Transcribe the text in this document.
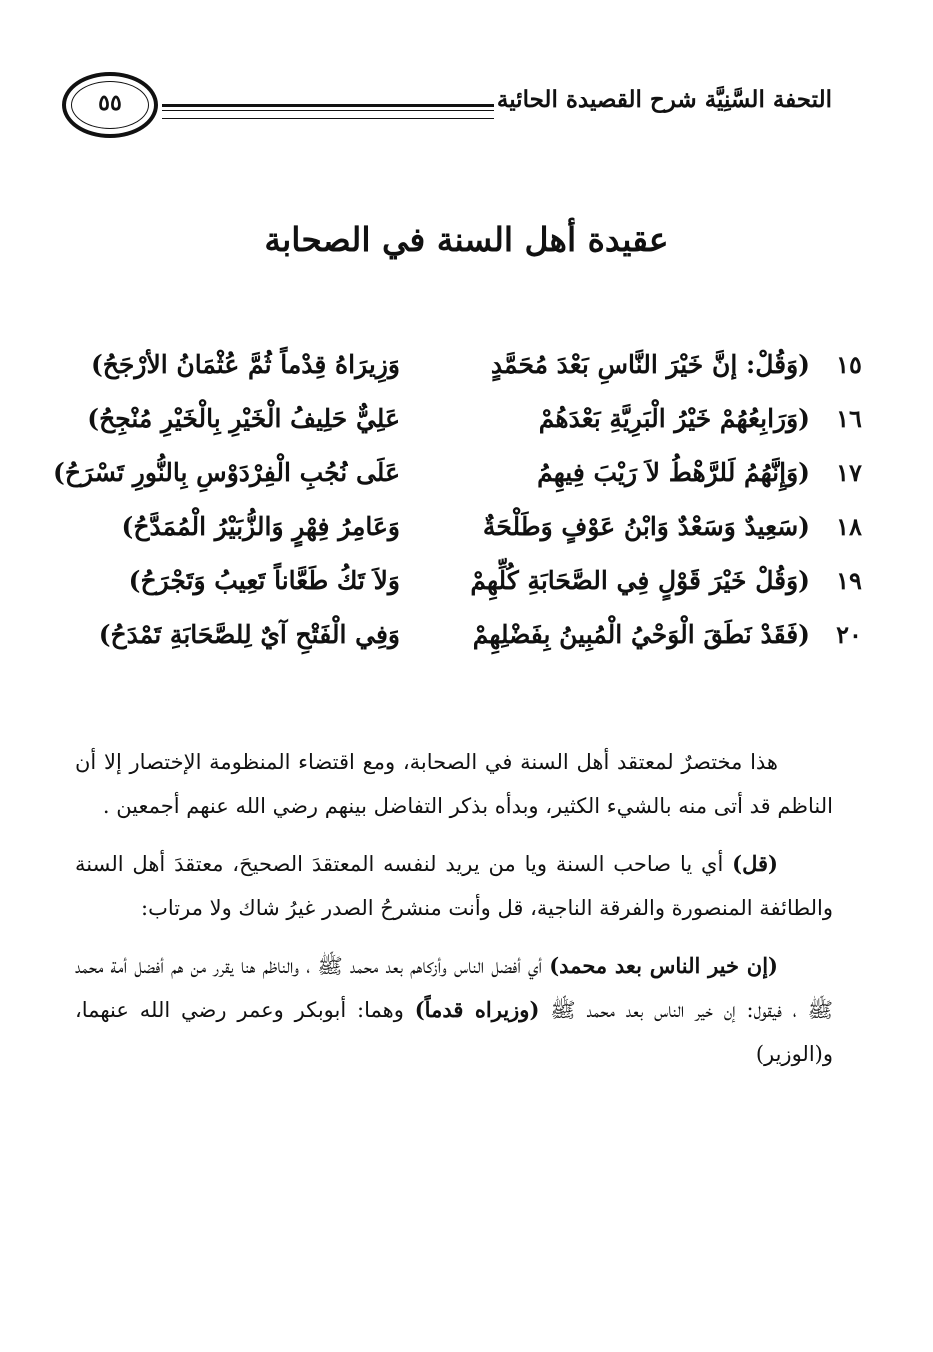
التحفة السَّنِيَّة شرح القصيدة الحائية
٥٥
عقيدة أهل السنة في الصحابة
١٥
(وَقُلْ: إنَّ خَيْرَ النَّاسِ بَعْدَ مُحَمَّدٍ
وَزِيرَاهُ قِدْماً ثُمَّ عُثْمَانُ الأرْجَحُ)
١٦
(وَرَابِعُهُمْ خَيْرُ الْبَرِيَّةِ بَعْدَهُمْ
عَلِيٌّ حَلِيفُ الْخَيْرِ بِالْخَيْرِ مُنْجِحُ)
١٧
(وَإِنَّهُمُ لَلرَّهْطُ لاَ رَيْبَ فِيهِمُ
عَلَى نُجُبِ الْفِرْدَوْسِ بِالنُّورِ تَسْرَحُ)
١٨
(سَعِيدٌ وَسَعْدٌ وَابْنُ عَوْفٍ وَطَلْحَةٌ
وَعَامِرُ فِهْرٍ وَالزُّبَيْرُ الْمُمَدَّحُ)
١٩
(وَقُلْ خَيْرَ قَوْلٍ فِي الصَّحَابَةِ كُلِّهِمْ
وَلاَ تَكُ طَعَّاناً تَعِيبُ وَتَجْرَحُ)
٢٠
(فَقَدْ نَطَقَ الْوَحْيُ الْمُبِينُ بِفَضْلِهِمْ
وَفِي الْفَتْحِ آيٌ لِلصَّحَابَةِ تَمْدَحُ)

هذا مختصرٌ لمعتقد أهل السنة في الصحابة، ومع اقتضاء المنظومة الإختصار إلا أن الناظم قد أتى منه بالشيء الكثير، وبدأه بذكر التفاضل بينهم رضي الله عنهم أجمعين .

(قل) أي يا صاحب السنة ويا من يريد لنفسه المعتقدَ الصحيحَ، معتقدَ أهل السنة والطائفة المنصورة والفرقة الناجية، قل وأنت منشرحُ الصدر غيرُ شاك ولا مرتاب:

(إن خير الناس بعد محمد) أي أفضل الناس وأزكاهم بعد محمد ﷺ ، والناظم هنا يقرر من هم أفضل أمة محمد ﷺ ، فيقول: إن خير الناس بعد محمد ﷺ (وزيراه قدماً) وهما: أبوبكر وعمر رضي الله عنهما، و(الوزير)
